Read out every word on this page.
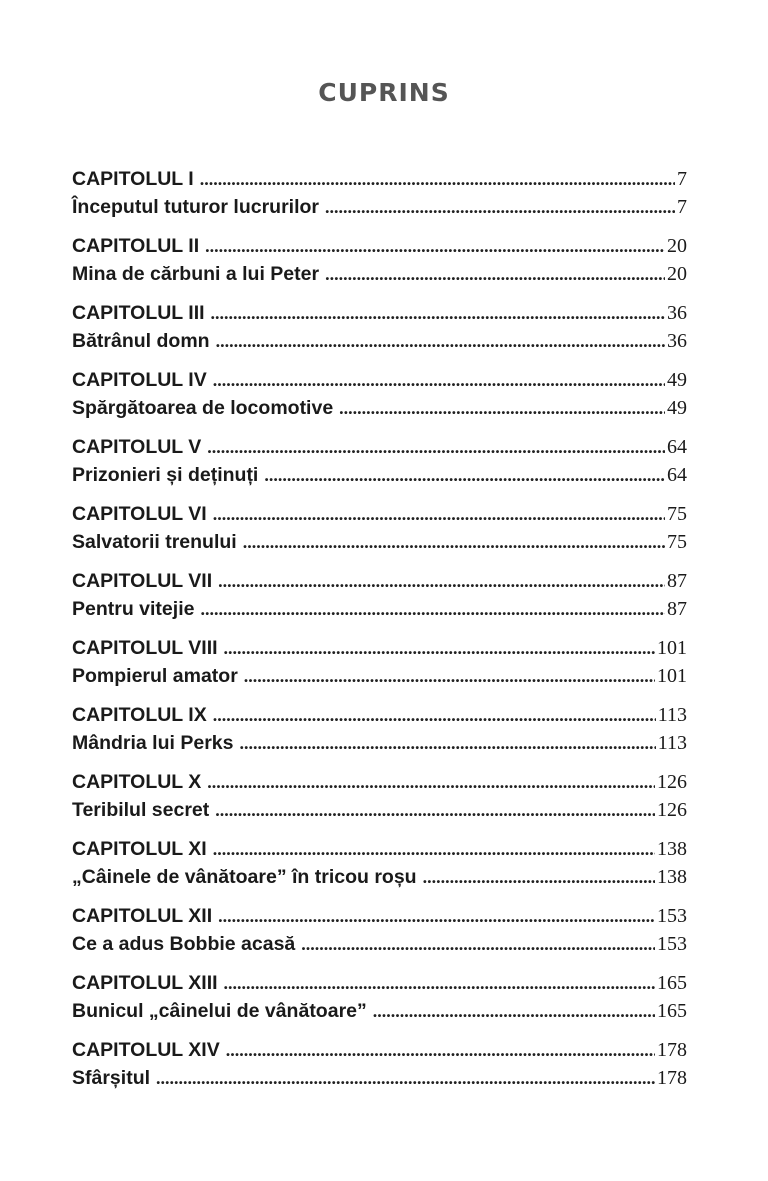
CUPRINS
CAPITOLUL I .....	7
Începutul tuturor lucrurilor .....	7
CAPITOLUL II .....	20
Mina de cărbuni a lui Peter .....	20
CAPITOLUL III .....	36
Bătrânul domn .....	36
CAPITOLUL IV .....	49
Spărgătoarea de locomotive .....	49
CAPITOLUL V .....	64
Prizonieri și deținuți .....	64
CAPITOLUL VI .....	75
Salvatorii trenului .....	75
CAPITOLUL VII .....	87
Pentru vitejie .....	87
CAPITOLUL VIII .....	101
Pompierul amator .....	101
CAPITOLUL IX .....	113
Mândria lui Perks .....	113
CAPITOLUL X .....	126
Teribilul secret .....	126
CAPITOLUL XI .....	138
„Câinele de vânătoare” în tricou roșu .....	138
CAPITOLUL XII .....	153
Ce a adus Bobbie acasă .....	153
CAPITOLUL XIII .....	165
Bunicul „câinelui de vânătoare” .....	165
CAPITOLUL XIV .....	178
Sfârșitul .....	178
